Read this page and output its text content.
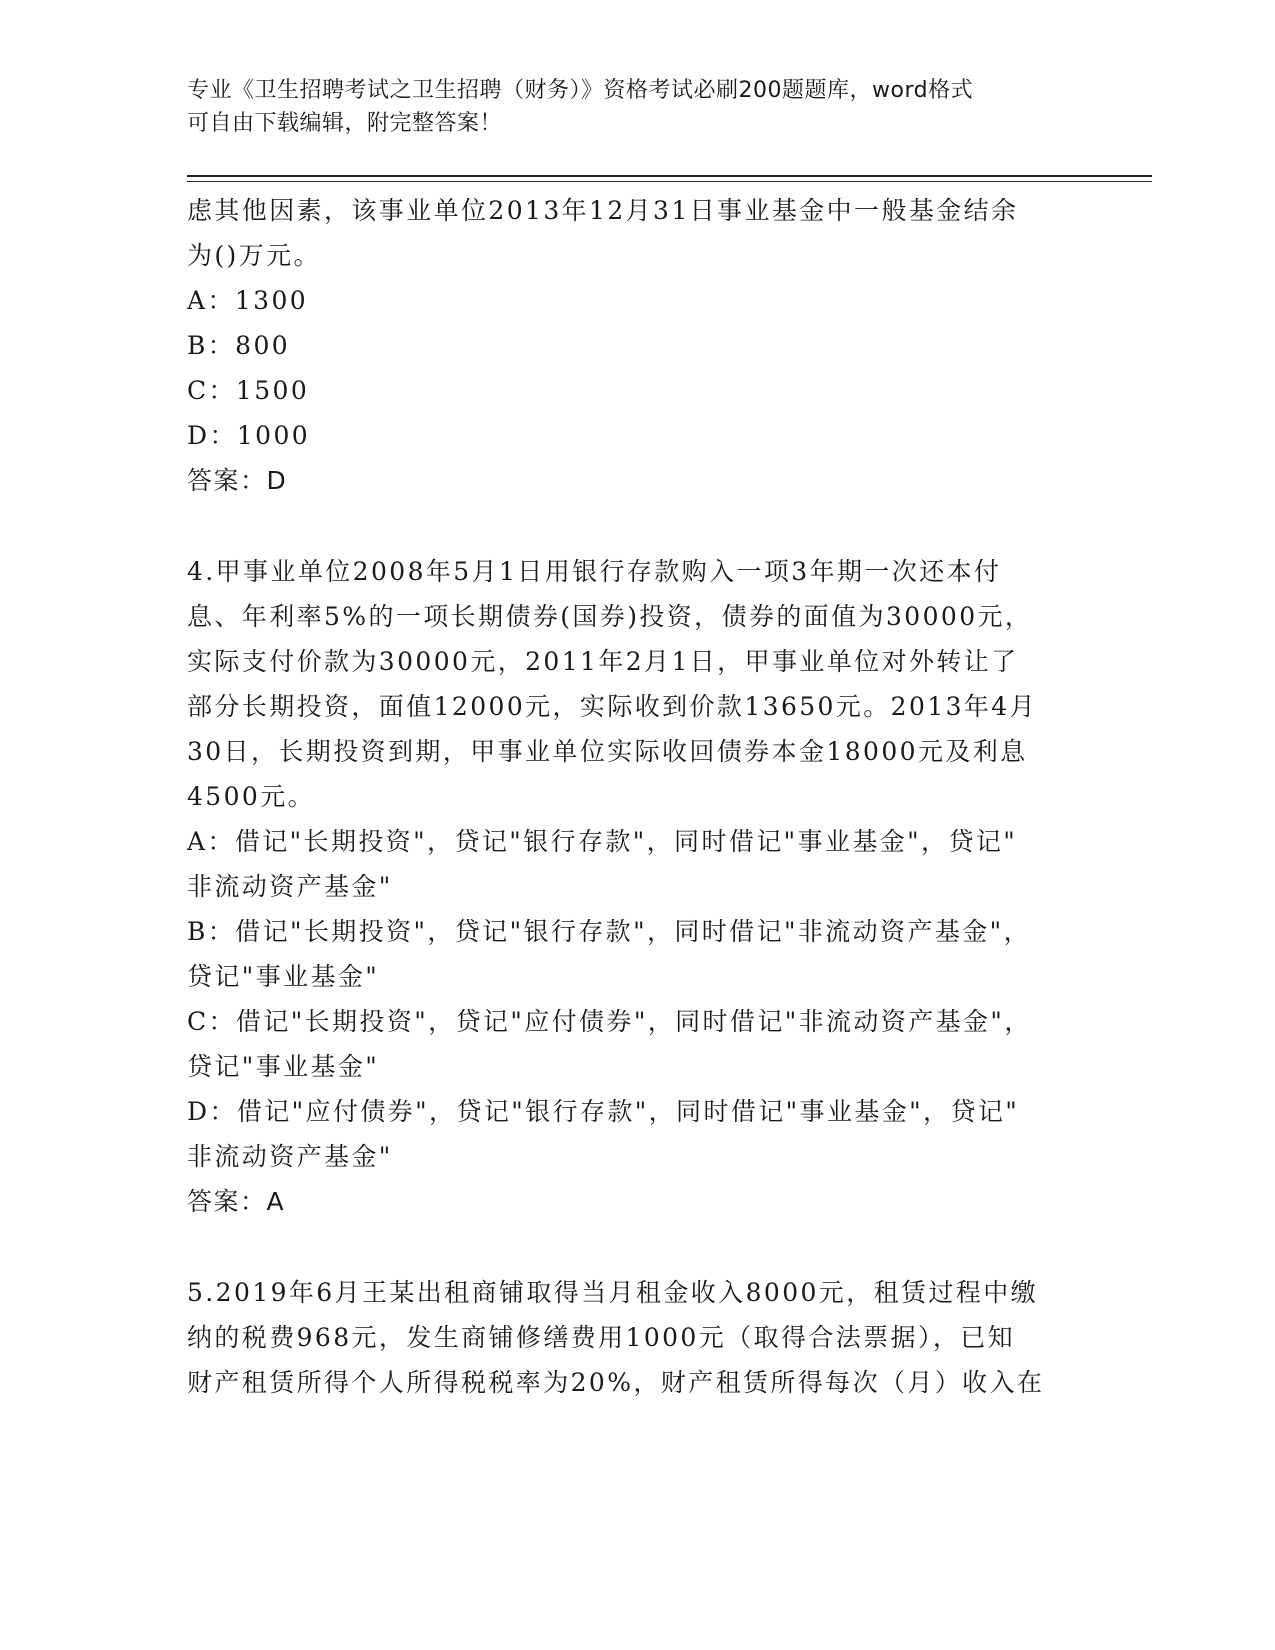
专业《卫生招聘考试之卫生招聘（财务）》资格考试必刷200题题库，word格式
可自由下载编辑，附完整答案！
虑其他因素，该事业单位2013年12月31日事业基金中一般基金结余
为()万元。
A：1300
B：800
C：1500
D：1000
答案：D
4.甲事业单位2008年5月1日用银行存款购入一项3年期一次还本付
息、年利率5%的一项长期债券(国券)投资，债券的面值为30000元，
实际支付价款为30000元，2011年2月1日，甲事业单位对外转让了
部分长期投资，面值12000元，实际收到价款13650元。2013年4月
30日，长期投资到期，甲事业单位实际收回债券本金18000元及利息
4500元。
A：借记"长期投资"，贷记"银行存款"，同时借记"事业基金"，贷记"
非流动资产基金"
B：借记"长期投资"，贷记"银行存款"，同时借记"非流动资产基金"，
贷记"事业基金"
C：借记"长期投资"，贷记"应付债券"，同时借记"非流动资产基金"，
贷记"事业基金"
D：借记"应付债券"，贷记"银行存款"，同时借记"事业基金"，贷记"
非流动资产基金"
答案：A
5.2019年6月王某出租商铺取得当月租金收入8000元，租赁过程中缴
纳的税费968元，发生商铺修缮费用1000元（取得合法票据），已知
财产租赁所得个人所得税税率为20%，财产租赁所得每次（月）收入在
